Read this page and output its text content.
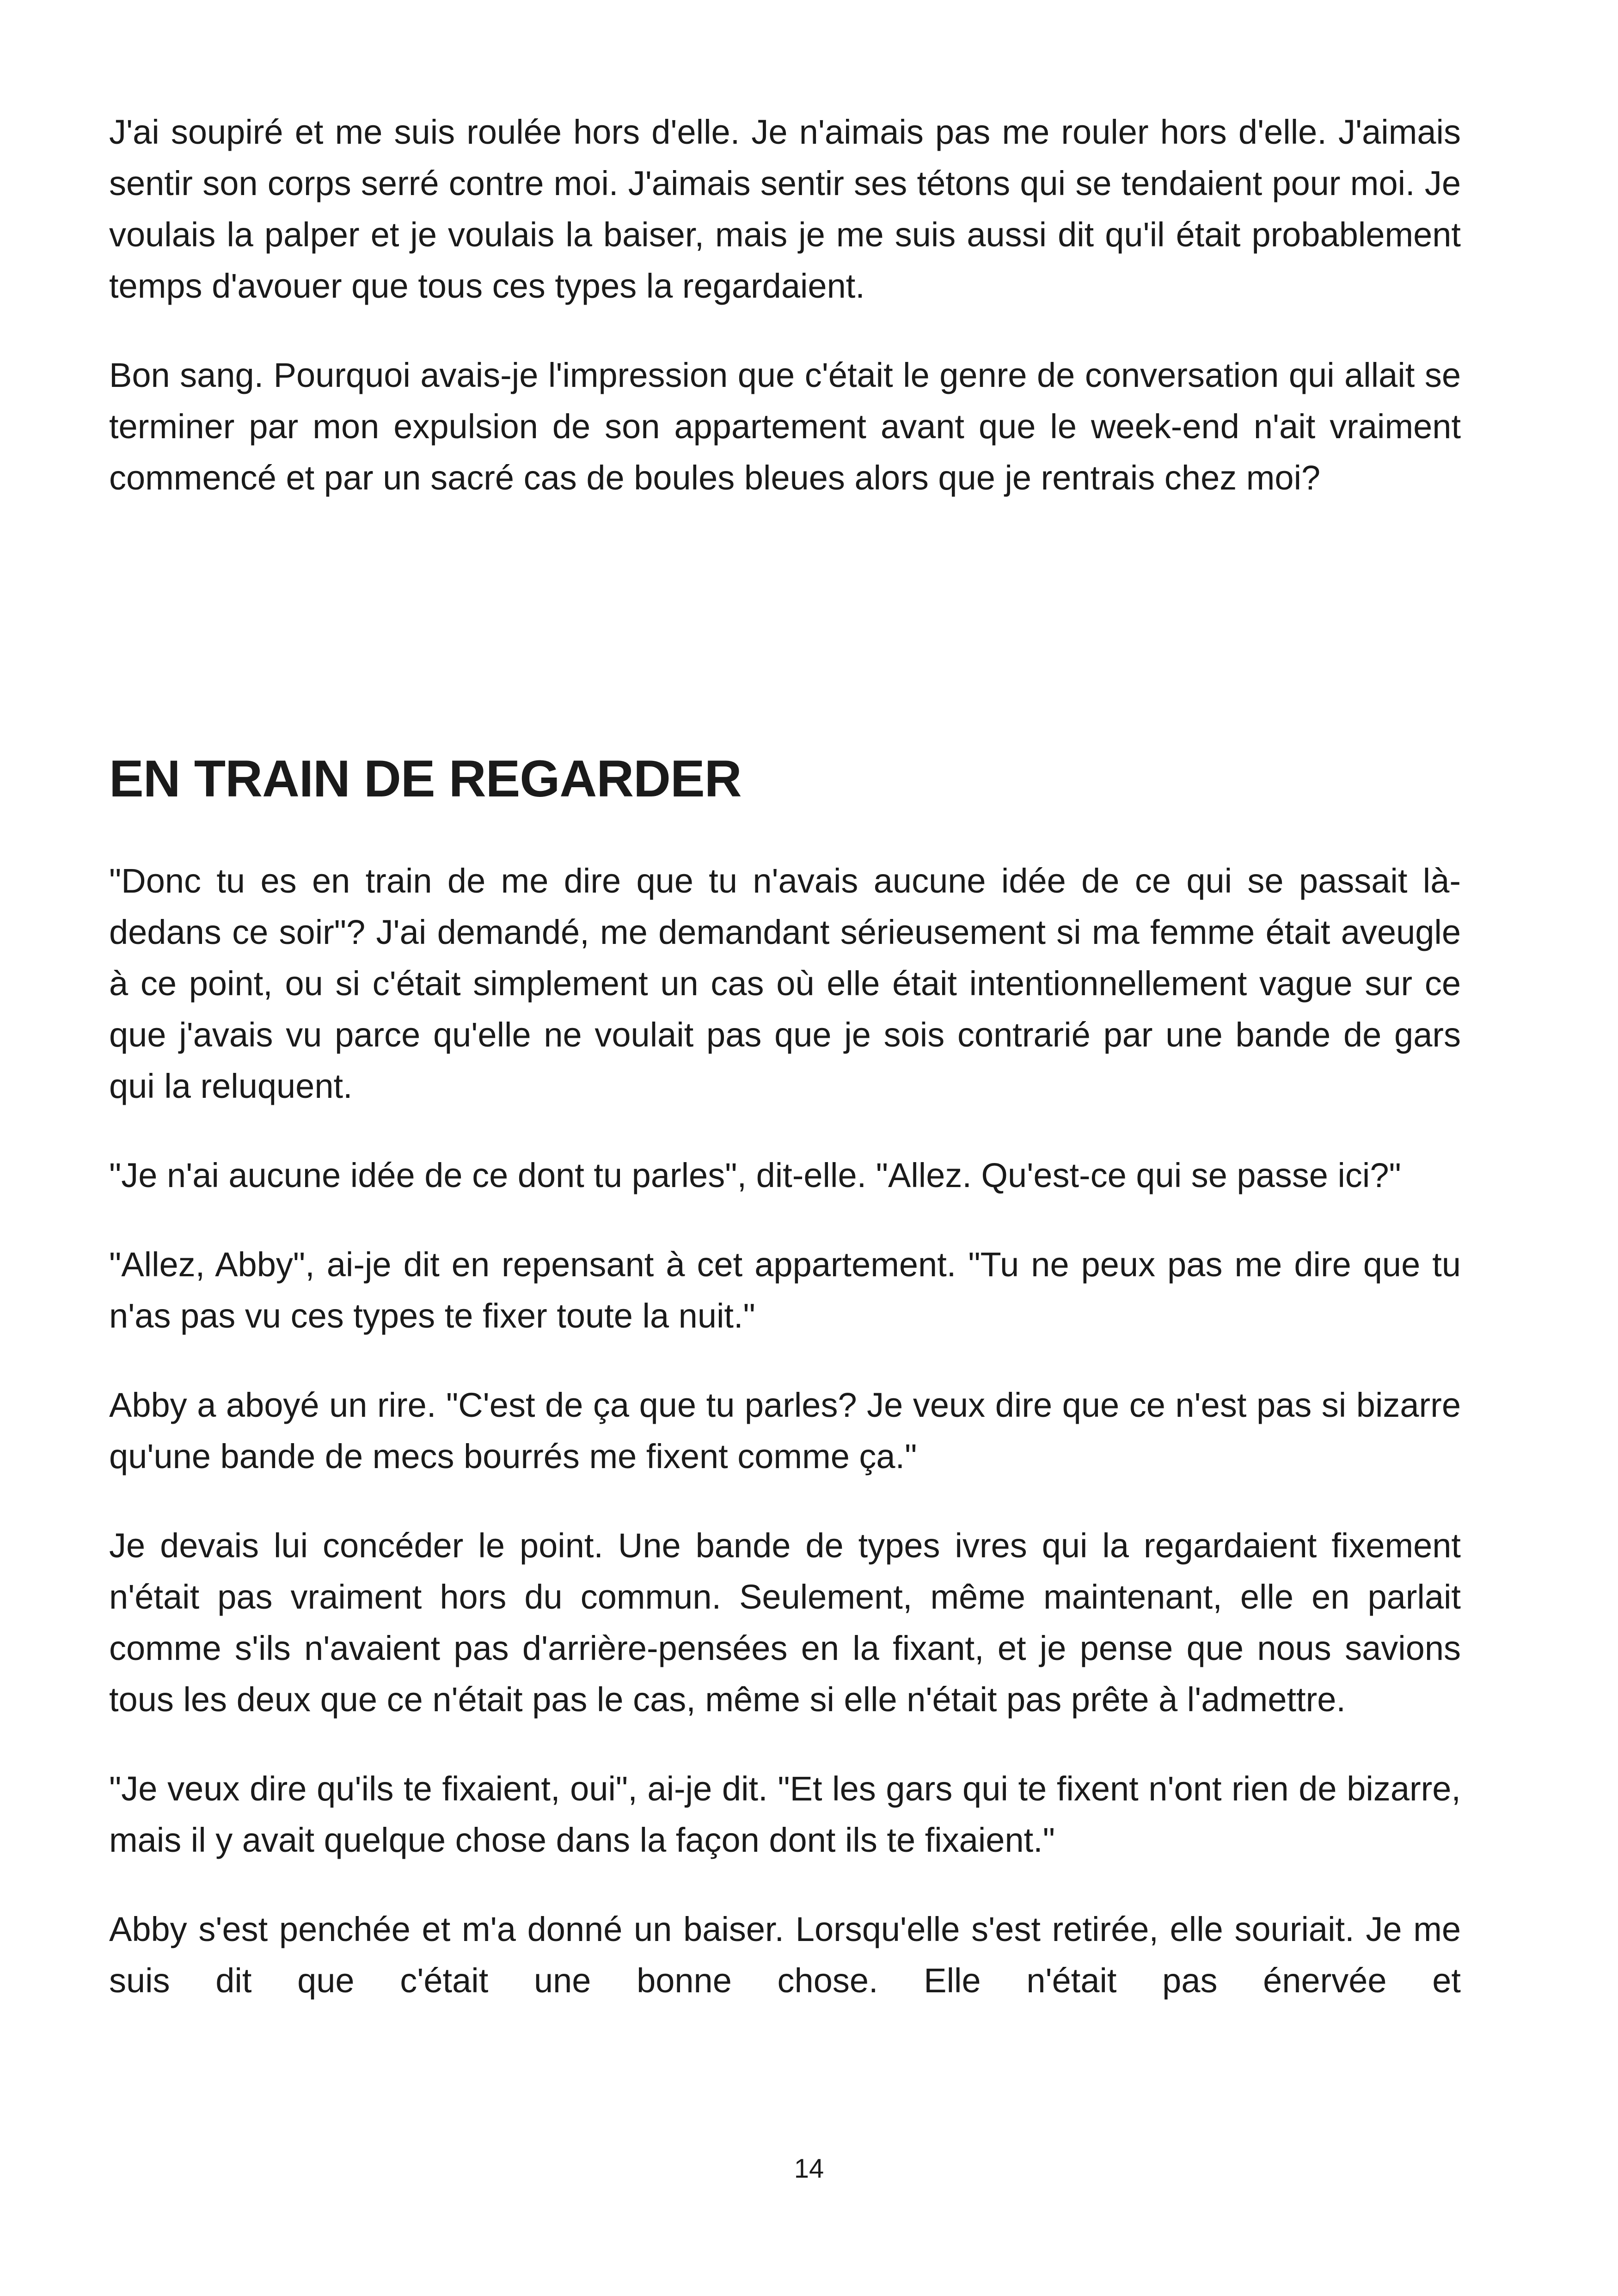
J'ai soupiré et me suis roulée hors d'elle. Je n'aimais pas me rouler hors d'elle. J'aimais sentir son corps serré contre moi. J'aimais sentir ses tétons qui se tendaient pour moi. Je voulais la palper et je voulais la baiser, mais je me suis aussi dit qu'il était probablement temps d'avouer que tous ces types la regardaient.

Bon sang. Pourquoi avais-je l'impression que c'était le genre de conversation qui allait se terminer par mon expulsion de son appartement avant que le week-end n'ait vraiment commencé et par un sacré cas de boules bleues alors que je rentrais chez moi?

EN TRAIN DE REGARDER

"Donc tu es en train de me dire que tu n'avais aucune idée de ce qui se passait là-dedans ce soir"? J'ai demandé, me demandant sérieusement si ma femme était aveugle à ce point, ou si c'était simplement un cas où elle était intentionnellement vague sur ce que j'avais vu parce qu'elle ne voulait pas que je sois contrarié par une bande de gars qui la reluquent.

"Je n'ai aucune idée de ce dont tu parles", dit-elle. "Allez. Qu'est-ce qui se passe ici?"

"Allez, Abby", ai-je dit en repensant à cet appartement. "Tu ne peux pas me dire que tu n'as pas vu ces types te fixer toute la nuit."

Abby a aboyé un rire. "C'est de ça que tu parles? Je veux dire que ce n'est pas si bizarre qu'une bande de mecs bourrés me fixent comme ça."

Je devais lui concéder le point. Une bande de types ivres qui la regardaient fixement n'était pas vraiment hors du commun. Seulement, même maintenant, elle en parlait comme s'ils n'avaient pas d'arrière-pensées en la fixant, et je pense que nous savions tous les deux que ce n'était pas le cas, même si elle n'était pas prête à l'admettre.

"Je veux dire qu'ils te fixaient, oui", ai-je dit. "Et les gars qui te fixent n'ont rien de bizarre, mais il y avait quelque chose dans la façon dont ils te fixaient."

Abby s'est penchée et m'a donné un baiser. Lorsqu'elle s'est retirée, elle souriait. Je me suis dit que c'était une bonne chose. Elle n'était pas énervée et

14
